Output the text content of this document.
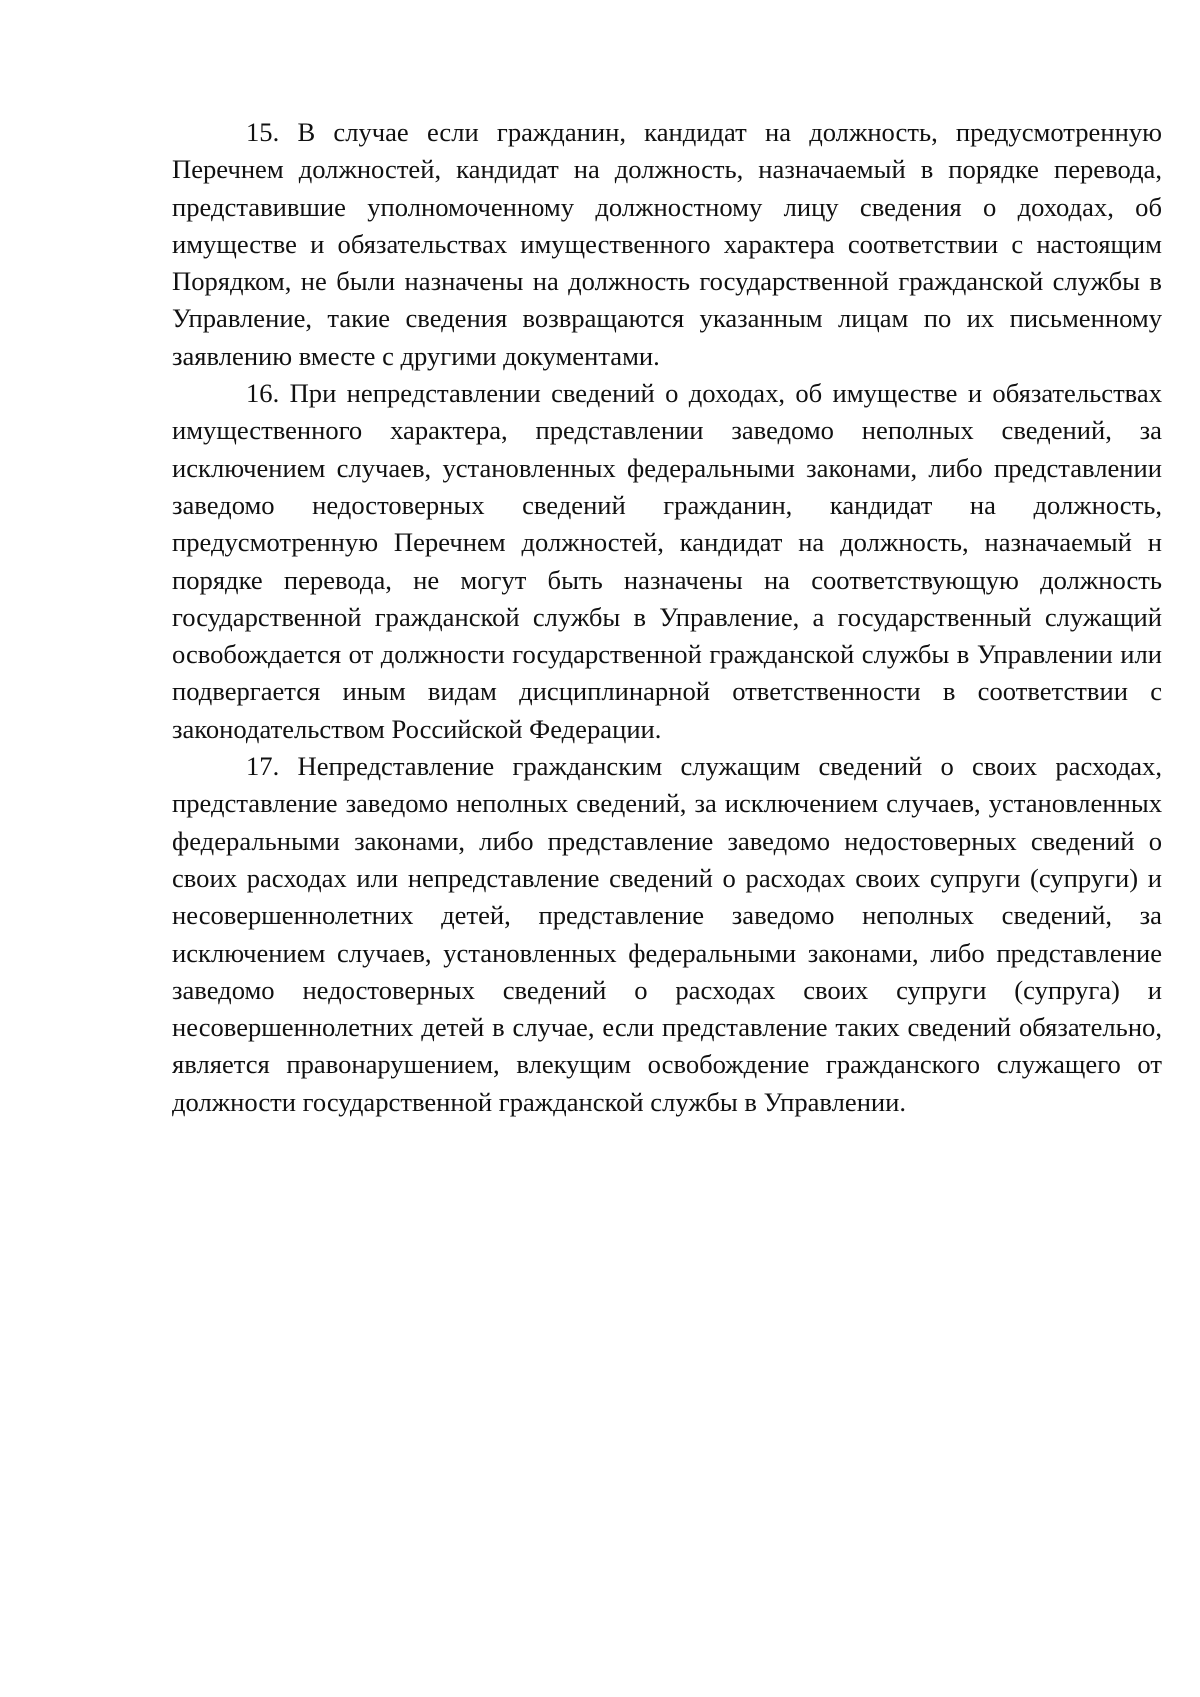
15. В случае если гражданин, кандидат на должность, предусмотренную Перечнем должностей, кандидат на должность, назначаемый в порядке перевода, представившие уполномоченному должностному лицу сведения о доходах, об имуществе и обязательствах имущественного характера соответствии с настоящим Порядком, не были назначены на должность государственной гражданской службы в Управление, такие сведения возвращаются указанным лицам по их письменному заявлению вместе с другими документами.

16. При непредставлении сведений о доходах, об имуществе и обязательствах имущественного характера, представлении заведомо неполных сведений, за исключением случаев, установленных федеральными законами, либо представлении заведомо недостоверных сведений гражданин, кандидат на должность, предусмотренную Перечнем должностей, кандидат на должность, назначаемый н порядке перевода, не могут быть назначены на соответствующую должность государственной гражданской службы в Управление, а государственный служащий освобождается от должности государственной гражданской службы в Управлении или подвергается иным видам дисциплинарной ответственности в соответствии с законодательством Российской Федерации.

17. Непредставление гражданским служащим сведений о своих расходах, представление заведомо неполных сведений, за исключением случаев, установленных федеральными законами, либо представление заведомо недостоверных сведений о своих расходах или непредставление сведений о расходах своих супруги (супруги) и несовершеннолетних детей, представление заведомо неполных сведений, за исключением случаев, установленных федеральными законами, либо представление заведомо недостоверных сведений о расходах своих супруги (супруга) и несовершеннолетних детей в случае, если представление таких сведений обязательно, является правонарушением, влекущим освобождение гражданского служащего от должности государственной гражданской службы в Управлении.
